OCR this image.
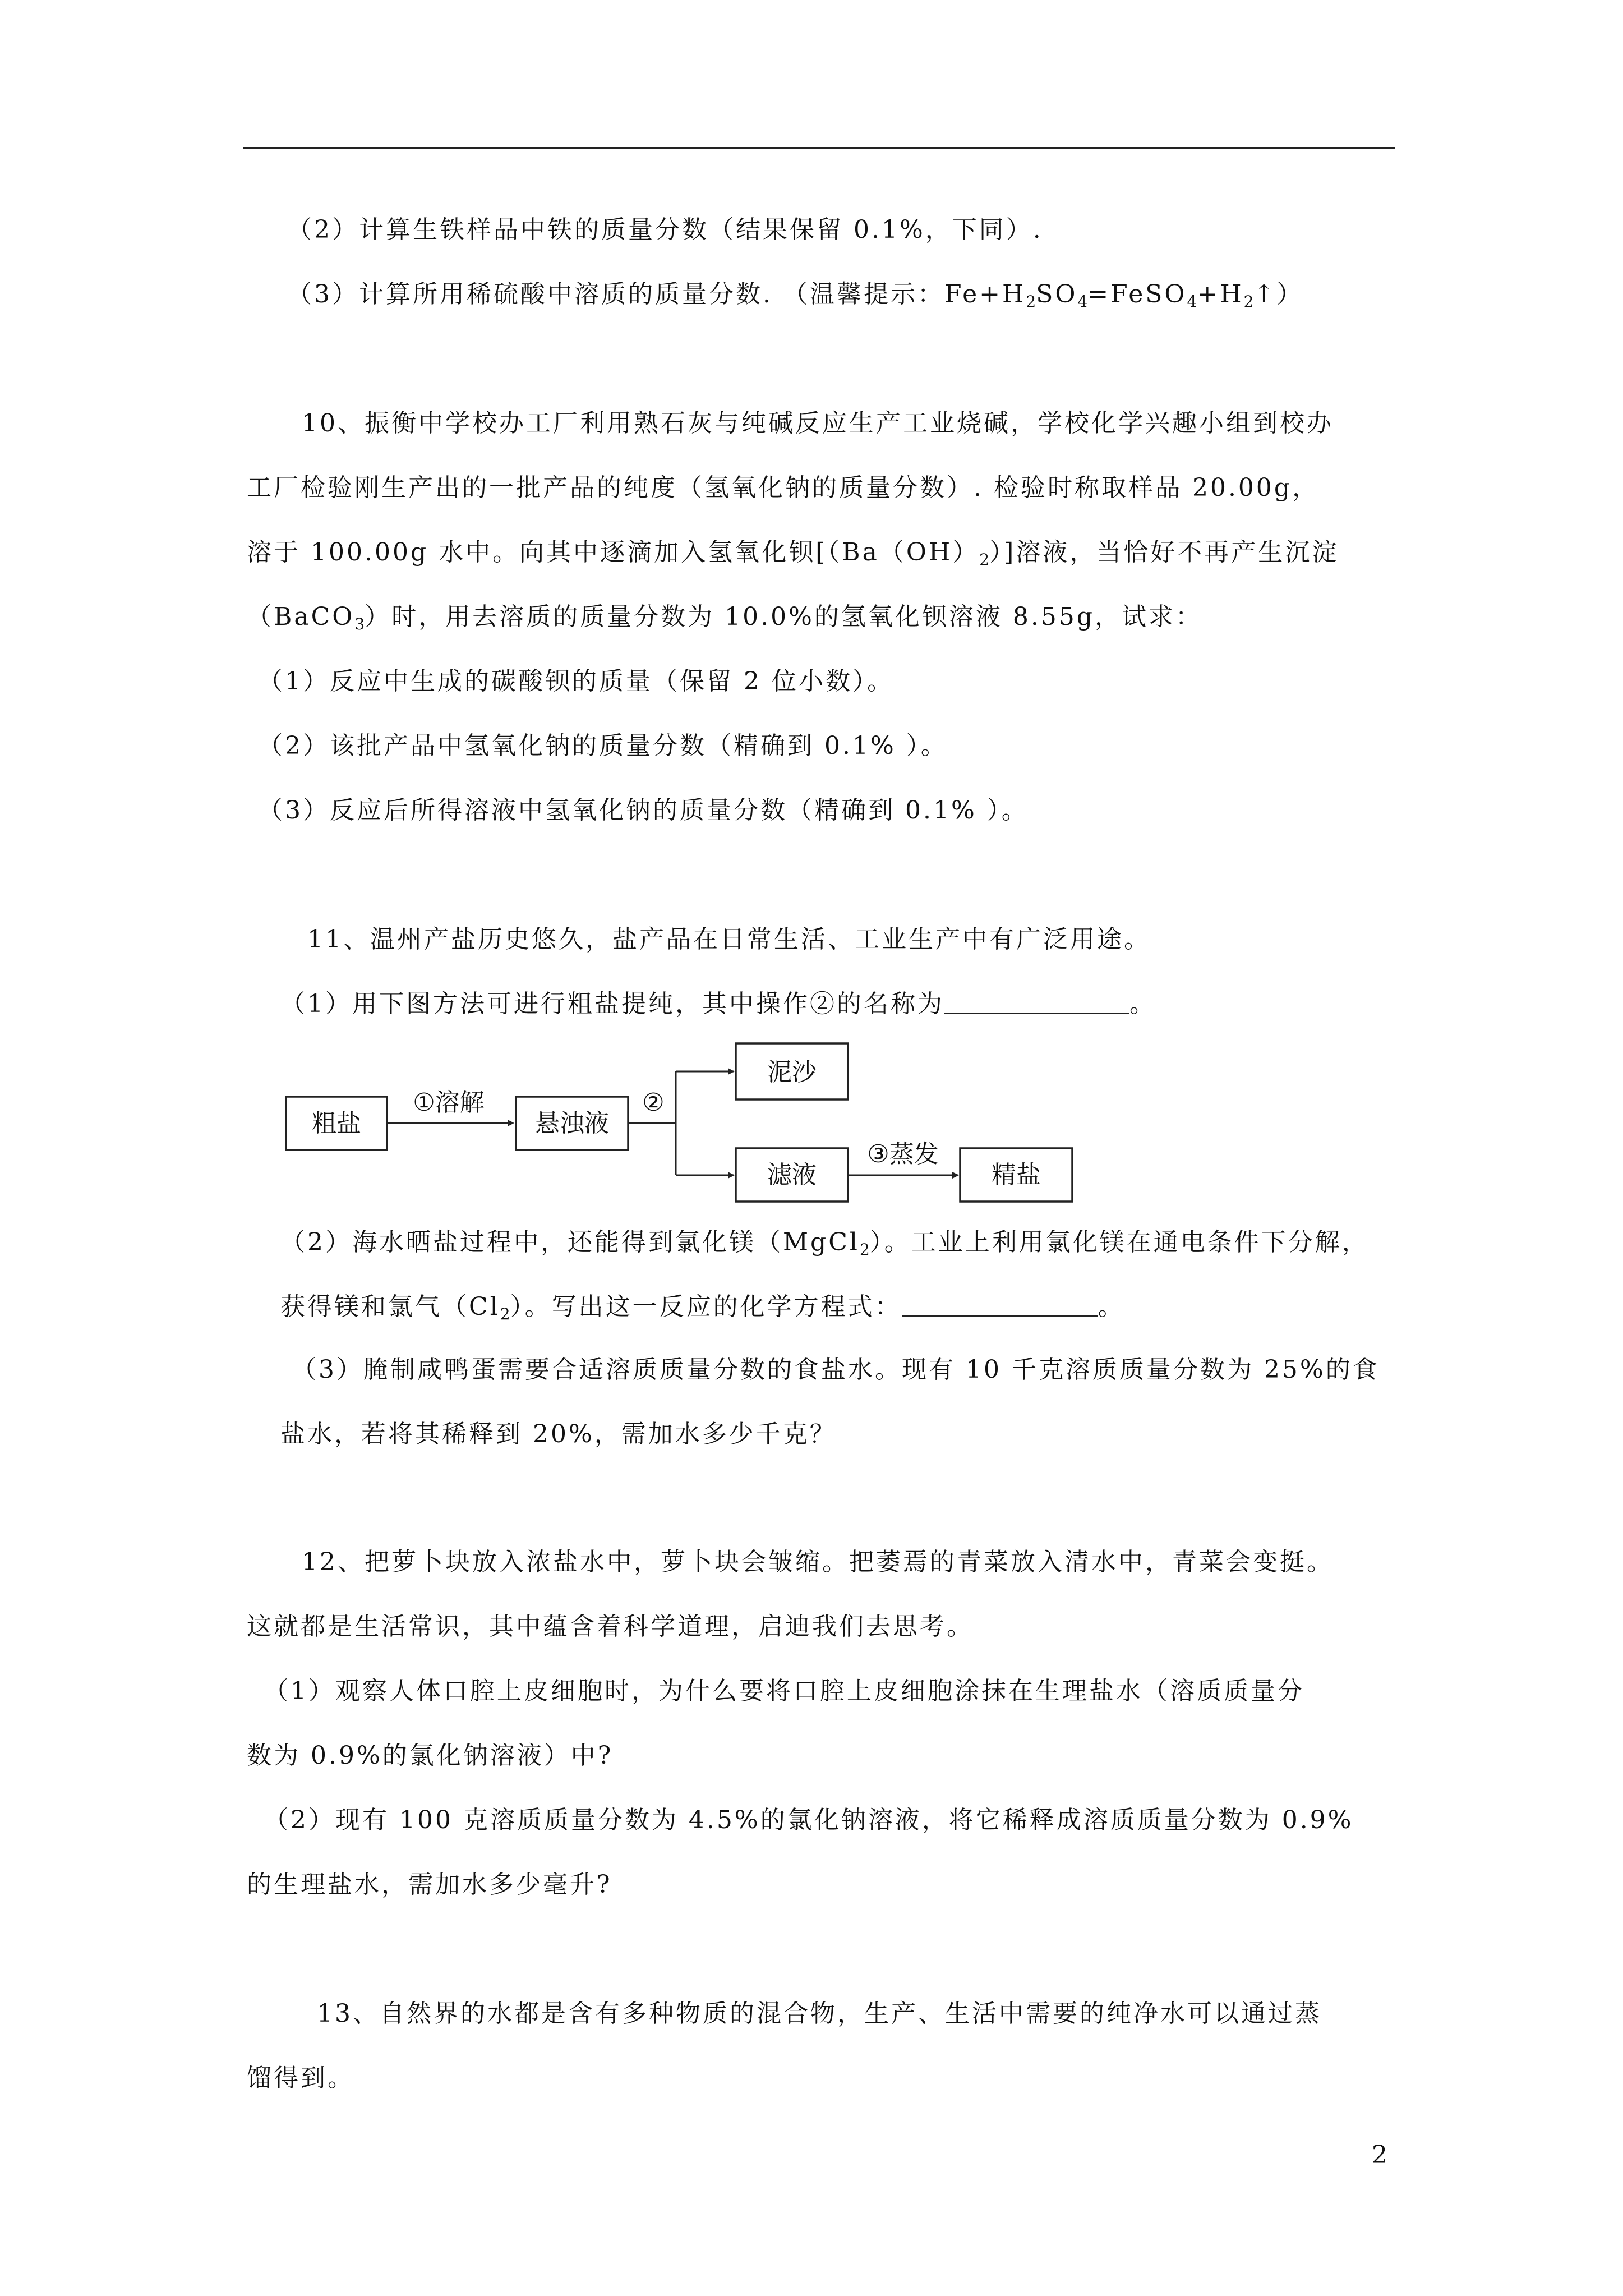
（2）计算生铁样品中铁的质量分数（结果保留 0.1%，下同）.
（3）计算所用稀硫酸中溶质的质量分数. （温馨提示：$Fe+H_2SO_4=FeSO_4+H_2↑$）
10、振衡中学校办工厂利用熟石灰与纯碱反应生产工业烧碱，学校化学兴趣小组到校办
工厂检验刚生产出的一批产品的纯度（氢氧化钠的质量分数）. 检验时称取样品 20.00g，
溶于 100.00g 水中。向其中逐滴加入氢氧化钡$[(Ba(OH)_2)]$溶液，当恰好不再产生沉淀
（BaCO$_3$）时，用去溶质的质量分数为 10.0%的氢氧化钡溶液 8.55g，试求：
（1）反应中生成的碳酸钡的质量（保留 2 位小数）。
（2）该批产品中氢氧化钠的质量分数（精确到 0.1% ）。
（3）反应后所得溶液中氢氧化钠的质量分数（精确到 0.1% ）。
11、温州产盐历史悠久，盐产品在日常生活、工业生产中有广泛用途。
（1）用下图方法可进行粗盐提纯，其中操作②的名称为	。
粗盐
①溶解
悬浊液
②
泥沙
滤液
③蒸发
精盐
（2）海水晒盐过程中，还能得到氯化镁（MgCl$_2$）。工业上利用氯化镁在通电条件下分解，
获得镁和氯气$(Cl_2)$。写出这一反应的化学方程式：	。
（3）腌制咸鸭蛋需要合适溶质质量分数的食盐水。现有 10 千克溶质质量分数为 25%的食
盐水，若将其稀释到 20%，需加水多少千克？
12、把萝卜块放入浓盐水中，萝卜块会皱缩。把萎焉的青菜放入清水中，青菜会变挺。
这就都是生活常识，其中蕴含着科学道理，启迪我们去思考。
（1）观察人体口腔上皮细胞时，为什么要将口腔上皮细胞涂抹在生理盐水（溶质质量分
数为 0.9%的氯化钠溶液）中?
（2）现有 100 克溶质质量分数为 4.5%的氯化钠溶液，将它稀释成溶质质量分数为 0.9%
的生理盐水，需加水多少毫升?
13、自然界的水都是含有多种物质的混合物，生产、生活中需要的纯净水可以通过蒸
馏得到。
2
